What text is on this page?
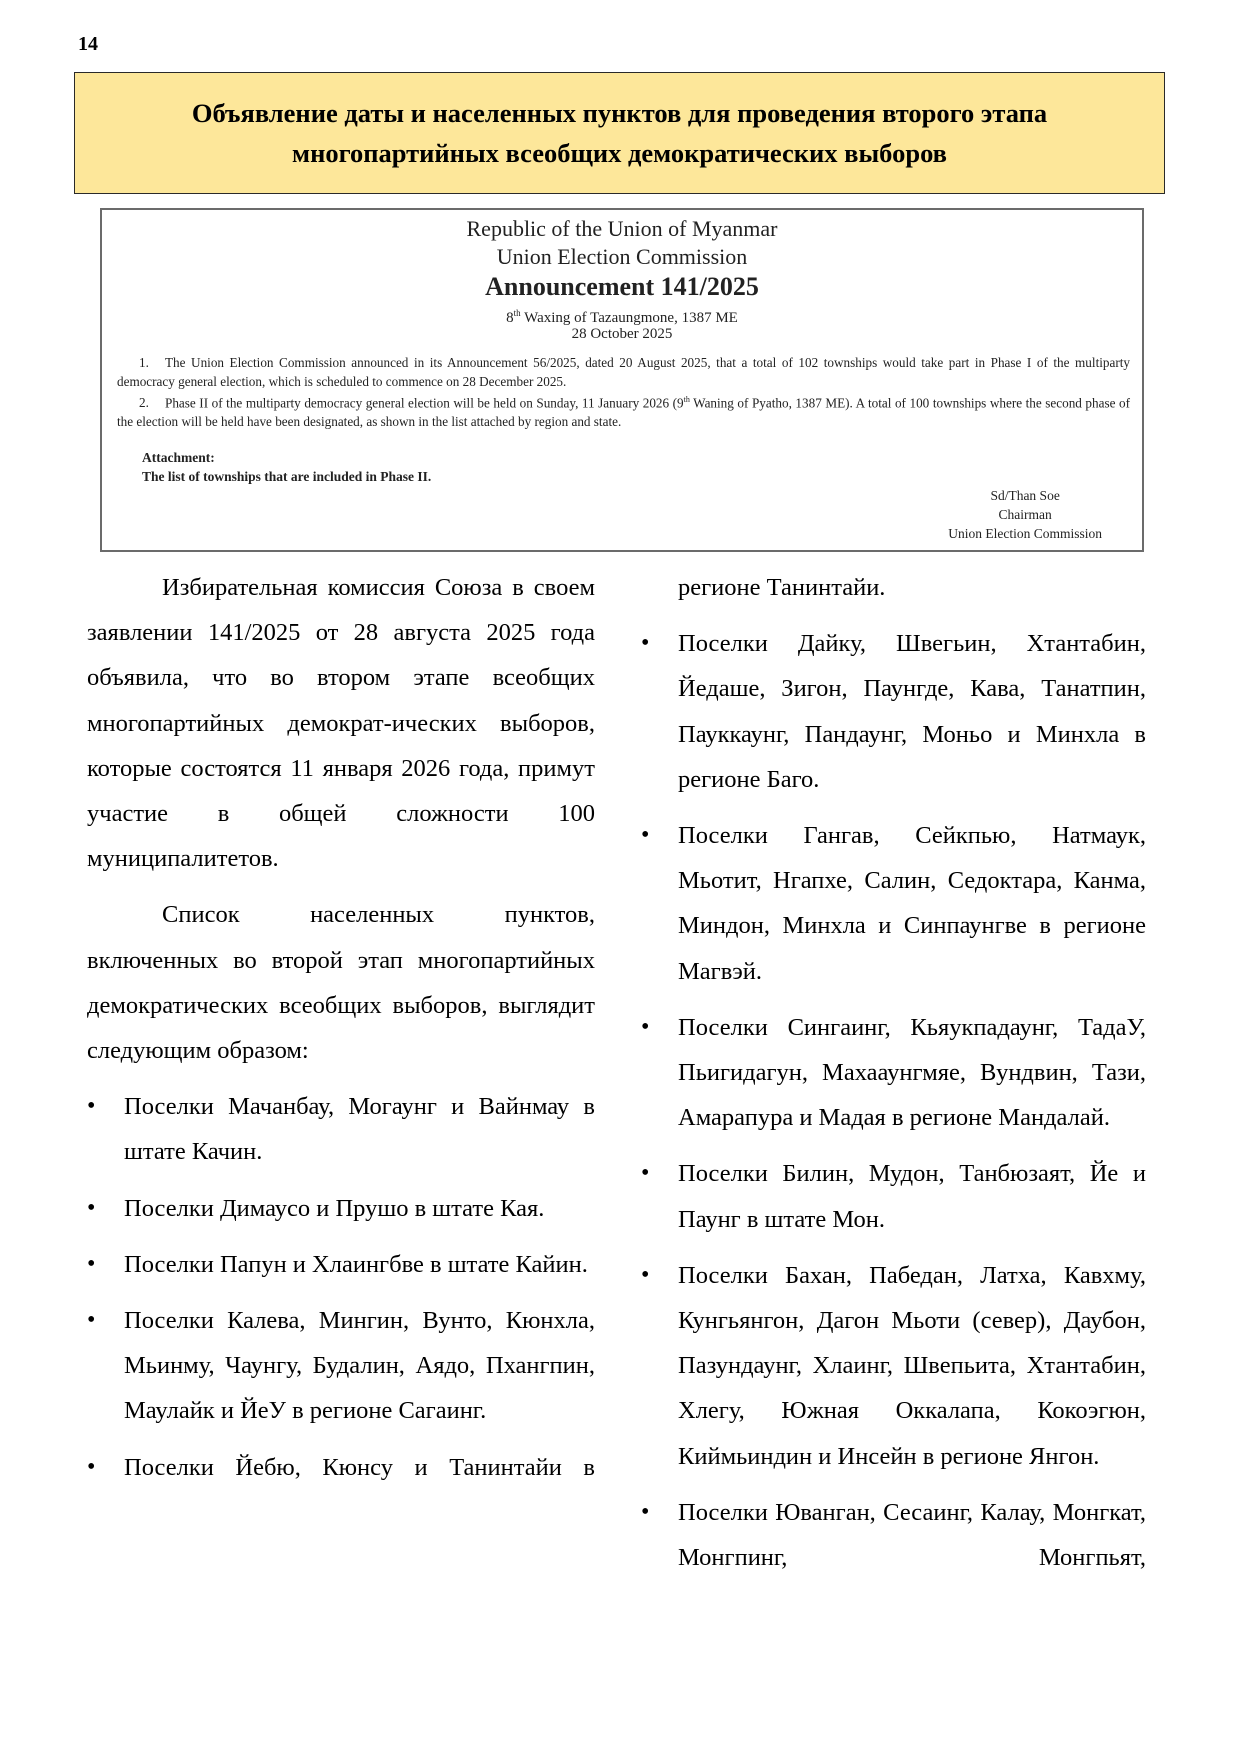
14
Объявление даты и населенных пунктов для проведения второго этапа
многопартийных всеобщих демократических выборов
Republic of the Union of Myanmar
Union Election Commission
Announcement 141/2025
8th Waxing of Tazaungmone, 1387 ME
28 October 2025

1. The Union Election Commission announced in its Announcement 56/2025, dated 20 August 2025, that a total of 102 townships would take part in Phase I of the multiparty democracy general election, which is scheduled to commence on 28 December 2025.

2. Phase II of the multiparty democracy general election will be held on Sunday, 11 January 2026 (9th Waning of Pyatho, 1387 ME). A total of 100 townships where the second phase of the election will be held have been designated, as shown in the list attached by region and state.

Attachment:
The list of townships that are included in Phase II.
Sd/Than Soe
Chairman
Union Election Commission

Избирательная комиссия Союза в своем заявлении 141/2025 от 28 августа 2025 года объявила, что во втором этапе всеобщих многопартийных демократ-ических выборов, которые состоятся 11 января 2026 года, примут участие в общей сложности 100 муниципалитетов.

Список населенных пунктов, включенных во второй этап многопартийных демократических всеобщих выборов, выглядит следующим образом:

• Поселки Мачанбау, Могаунг и Вайнмау в штате Качин.
• Поселки Димаусо и Прушо в штате Кая.
• Поселки Папун и Хлаингбве в штате Кайин.
• Поселки Калева, Мингин, Вунто, Кюнхла, Мьинму, Чаунгу, Будалин, Аядо, Пхангпин, Маулайк и ЙеУ в регионе Сагаинг.
• Поселки Йебю, Кюнсу и Танинтайи в
регионе Танинтайи.
• Поселки Дайку, Швегьин, Хтантабин, Йедаше, Зигон, Паунгде, Кава, Танатпин, Пауккаунг, Пандаунг, Моньо и Минхла в регионе Баго.
• Поселки Гангав, Сейкпью, Натмаук, Мьотит, Нгапхе, Салин, Седоктара, Канма, Миндон, Минхла и Синпаунгве в регионе Магвэй.
• Поселки Сингаинг, Кьяукпадаунг, ТадаУ, Пьигидагун, Махааунгмяе, Вундвин, Тази, Амарапура и Мадая в регионе Мандалай.
• Поселки Билин, Мудон, Танбюзаят, Йе и Паунг в штате Мон.
• Поселки Бахан, Пабедан, Латха, Кавхму, Кунгьянгон, Дагон Мьоти (север), Даубон, Пазундаунг, Хлаинг, Швепьита, Хтантабин, Хлегу, Южная Оккалапа, Кокоэгюн, Киймьиндин и Инсейн в регионе Янгон.
• Поселки Юванган, Сесаинг, Калау, Монгкат, Монгпинг, Монгпьят,
